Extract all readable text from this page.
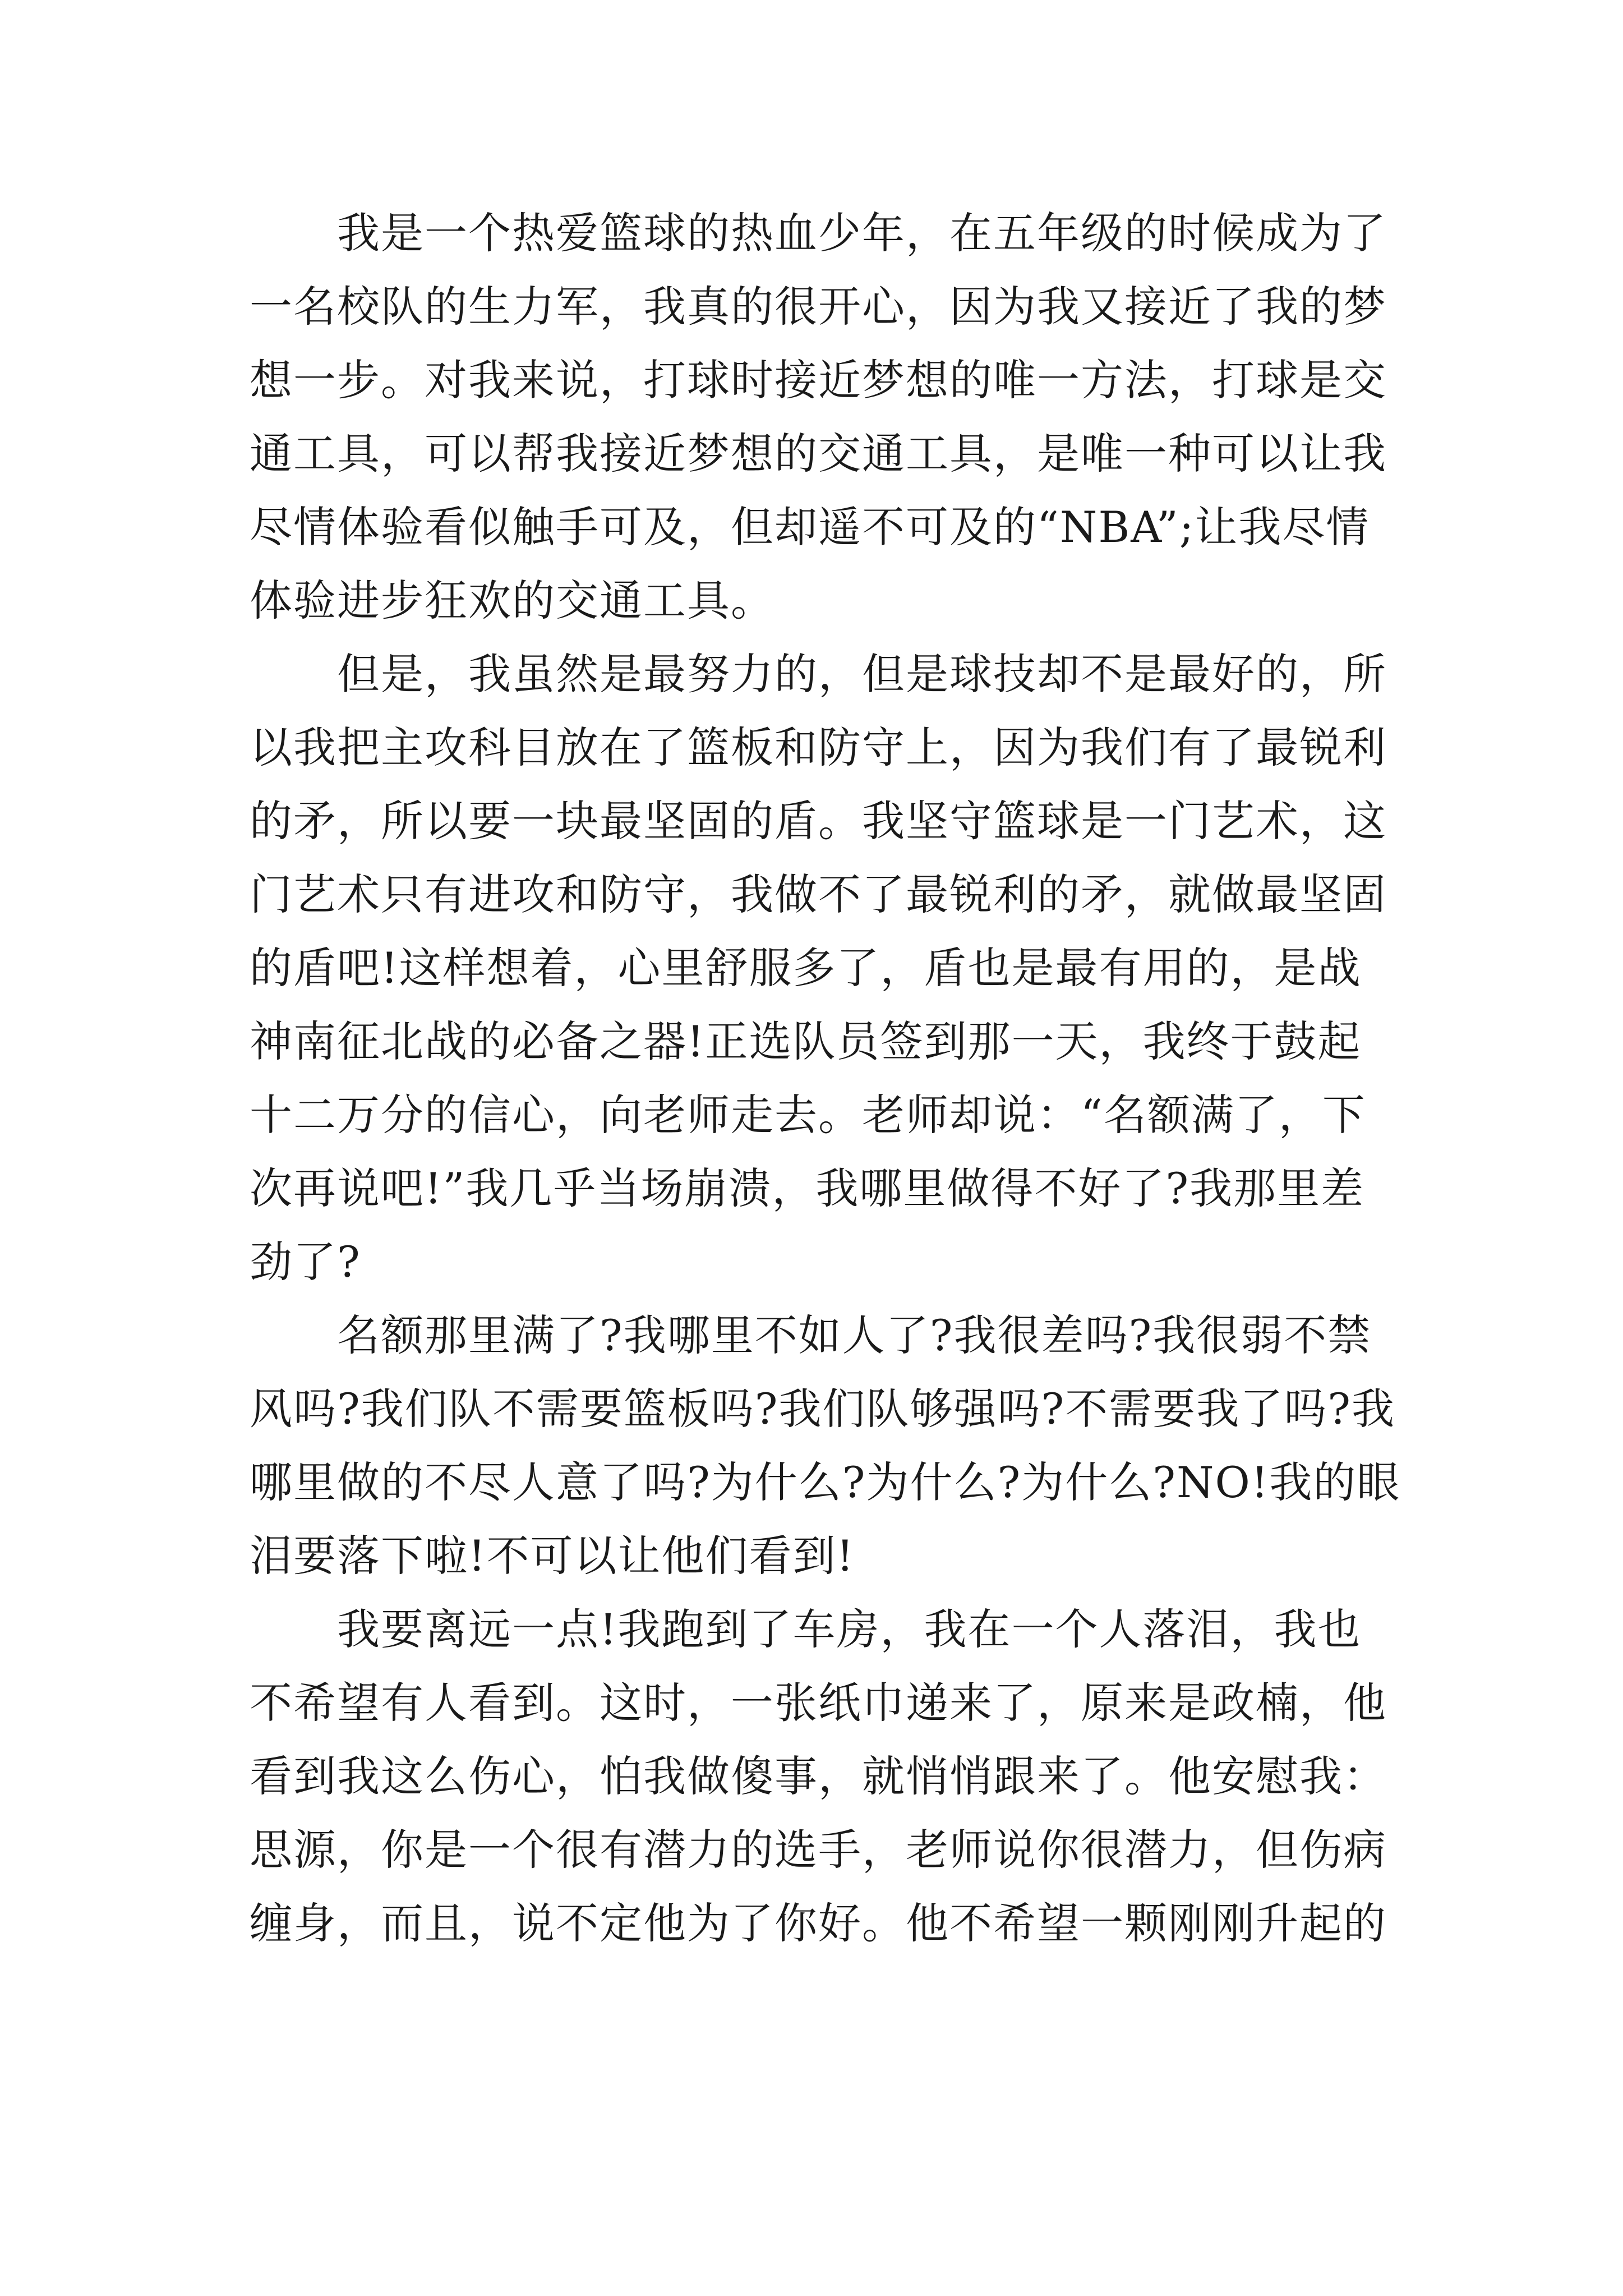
　　我是一个热爱篮球的热血少年，在五年级的时候成为了
一名校队的生力军，我真的很开心，因为我又接近了我的梦
想一步。对我来说，打球时接近梦想的唯一方法，打球是交
通工具，可以帮我接近梦想的交通工具，是唯一种可以让我
尽情体验看似触手可及，但却遥不可及的“NBA”;让我尽情
体验进步狂欢的交通工具。
　　但是，我虽然是最努力的，但是球技却不是最好的，所
以我把主攻科目放在了篮板和防守上，因为我们有了最锐利
的矛，所以要一块最坚固的盾。我坚守篮球是一门艺术，这
门艺术只有进攻和防守，我做不了最锐利的矛，就做最坚固
的盾吧!这样想着，心里舒服多了，盾也是最有用的，是战
神南征北战的必备之器!正选队员签到那一天，我终于鼓起
十二万分的信心，向老师走去。老师却说：“名额满了，下
次再说吧!”我几乎当场崩溃，我哪里做得不好了?我那里差
劲了?
　　名额那里满了?我哪里不如人了?我很差吗?我很弱不禁
风吗?我们队不需要篮板吗?我们队够强吗?不需要我了吗?我
哪里做的不尽人意了吗?为什么?为什么?为什么?NO!我的眼
泪要落下啦!不可以让他们看到!
　　我要离远一点!我跑到了车房，我在一个人落泪，我也
不希望有人看到。这时，一张纸巾递来了，原来是政楠，他
看到我这么伤心，怕我做傻事，就悄悄跟来了。他安慰我：
思源，你是一个很有潜力的选手，老师说你很潜力，但伤病
缠身，而且，说不定他为了你好。他不希望一颗刚刚升起的
